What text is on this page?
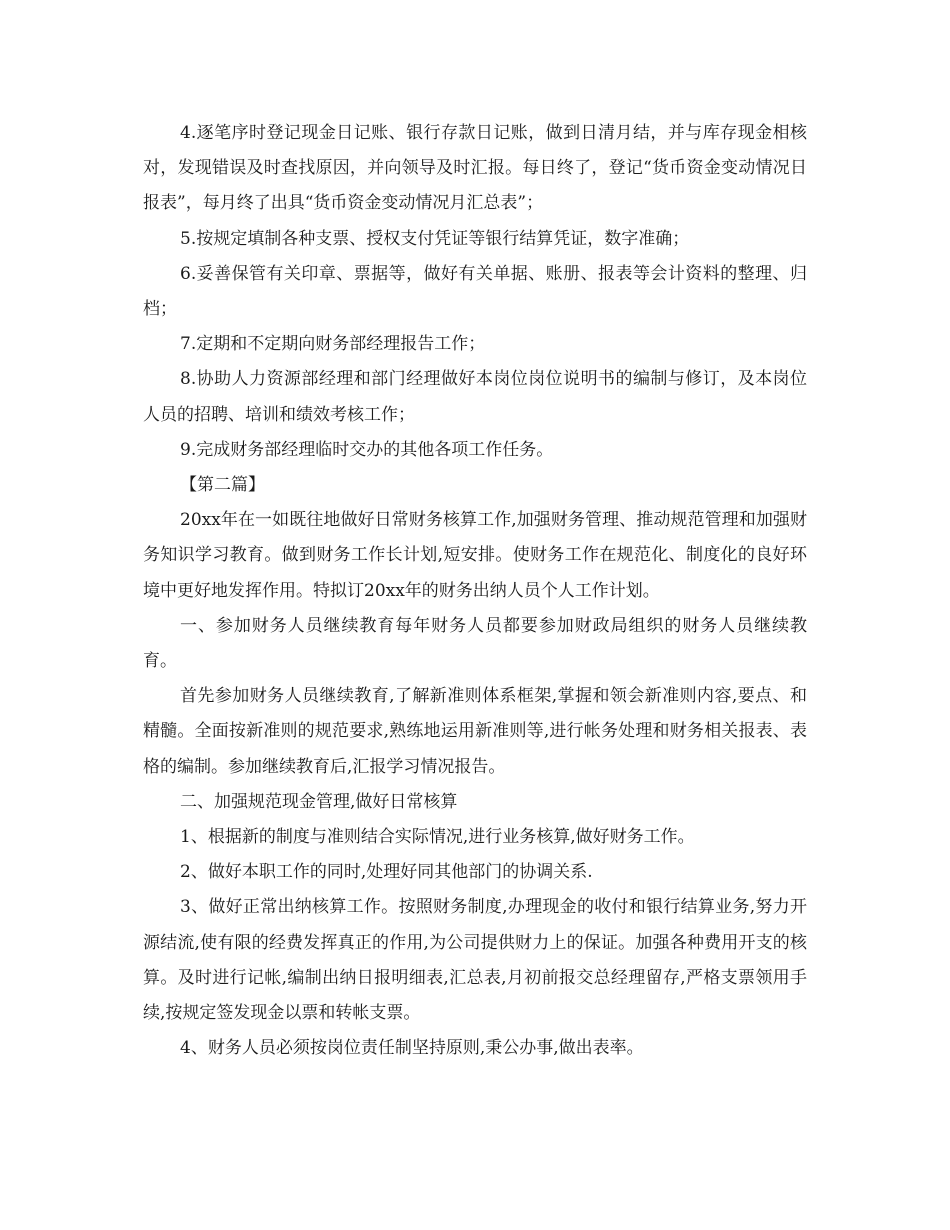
4.逐笔序时登记现金日记账、银行存款日记账，做到日清月结，并与库存现金相核对，发现错误及时查找原因，并向领导及时汇报。每日终了，登记“货币资金变动情况日报表”，每月终了出具“货币资金变动情况月汇总表”；

5.按规定填制各种支票、授权支付凭证等银行结算凭证，数字准确；

6.妥善保管有关印章、票据等，做好有关单据、账册、报表等会计资料的整理、归档；

7.定期和不定期向财务部经理报告工作；

8.协助人力资源部经理和部门经理做好本岗位岗位说明书的编制与修订，及本岗位人员的招聘、培训和绩效考核工作；

9.完成财务部经理临时交办的其他各项工作任务。

【第二篇】

20xx年在一如既往地做好日常财务核算工作,加强财务管理、推动规范管理和加强财务知识学习教育。做到财务工作长计划,短安排。使财务工作在规范化、制度化的良好环境中更好地发挥作用。特拟订20xx年的财务出纳人员个人工作计划。

一、参加财务人员继续教育每年财务人员都要参加财政局组织的财务人员继续教育。

首先参加财务人员继续教育,了解新准则体系框架,掌握和领会新准则内容,要点、和精髓。全面按新准则的规范要求,熟练地运用新准则等,进行帐务处理和财务相关报表、表格的编制。参加继续教育后,汇报学习情况报告。

二、加强规范现金管理,做好日常核算

1、根据新的制度与准则结合实际情况,进行业务核算,做好财务工作。

2、做好本职工作的同时,处理好同其他部门的协调关系.

3、做好正常出纳核算工作。按照财务制度,办理现金的收付和银行结算业务,努力开源结流,使有限的经费发挥真正的作用,为公司提供财力上的保证。加强各种费用开支的核算。及时进行记帐,编制出纳日报明细表,汇总表,月初前报交总经理留存,严格支票领用手续,按规定签发现金以票和转帐支票。

4、财务人员必须按岗位责任制坚持原则,秉公办事,做出表率。
